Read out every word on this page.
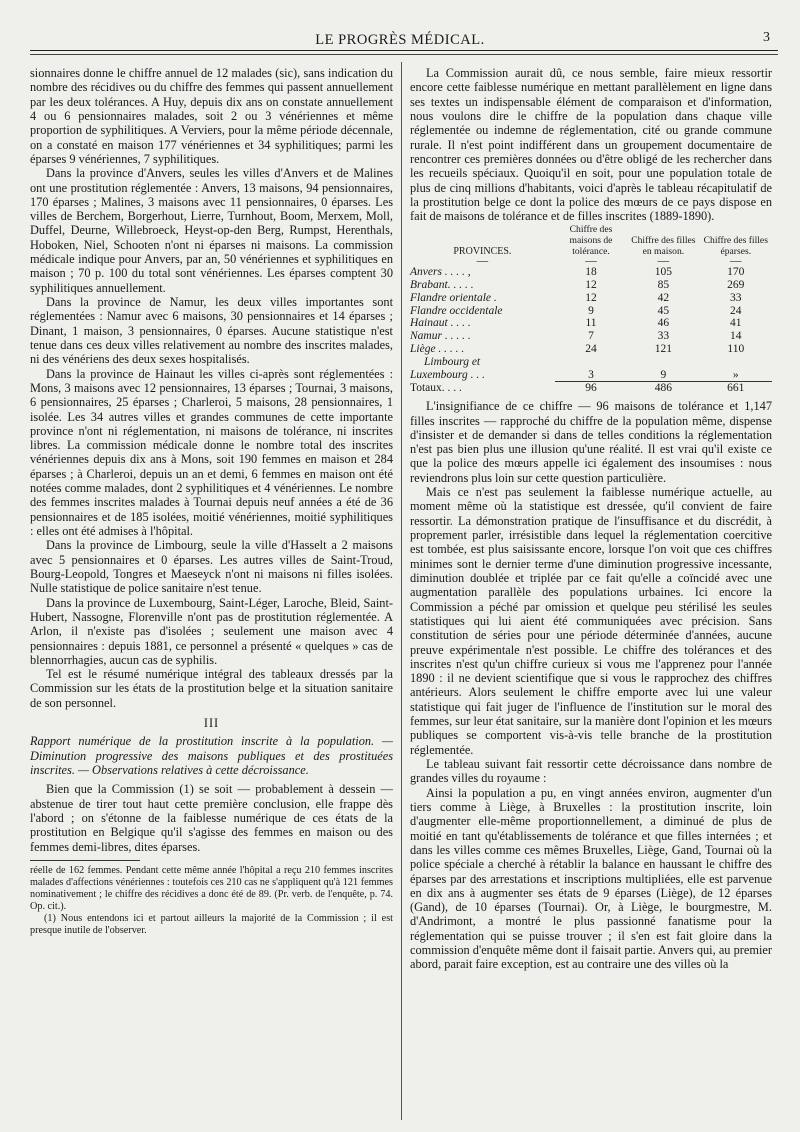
LE PROGRÈS MÉDICAL.	3

sionnaires donne le chiffre annuel de 12 malades (sic), sans indication du nombre des récidives ou du chiffre des femmes qui passent annuellement par les deux tolérances. A Huy, depuis dix ans on constate annuellement 4 ou 6 pensionnaires malades, soit 2 ou 3 vénériennes et même proportion de syphilitiques. A Verviers, pour la même période décennale, on a constaté en maison 177 vénériennes et 34 syphilitiques; parmi les éparses 9 vénériennes, 7 syphilitiques.

Dans la province d'Anvers, seules les villes d'Anvers et de Malines ont une prostitution réglementée : Anvers, 13 maisons, 94 pensionnaires, 170 éparses ; Malines, 3 maisons avec 11 pensionnaires, 0 éparses. Les villes de Berchem, Borgerhout, Lierre, Turnhout, Boom, Merxem, Moll, Duffel, Deurne, Willebroeck, Heyst-op-den Berg, Rumpst, Herenthals, Hoboken, Niel, Schooten n'ont ni éparses ni maisons. La commission médicale indique pour Anvers, par an, 50 vénériennes et syphilitiques en maison ; 70 p. 100 du total sont vénériennes. Les éparses comptent 30 syphilitiques annuellement.

Dans la province de Namur, les deux villes importantes sont réglementées : Namur avec 6 maisons, 30 pensionnaires et 14 éparses ; Dinant, 1 maison, 3 pensionnaires, 0 éparses. Aucune statistique n'est tenue dans ces deux villes relativement au nombre des inscrites malades, ni des vénériens des deux sexes hospitalisés.

Dans la province de Hainaut les villes ci-après sont réglementées : Mons, 3 maisons avec 12 pensionnaires, 13 éparses ; Tournai, 3 maisons, 6 pensionnaires, 25 éparses ; Charleroi, 5 maisons, 28 pensionnaires, 1 isolée. Les 34 autres villes et grandes communes de cette importante province n'ont ni réglementation, ni maisons de tolérance, ni inscrites libres. La commission médicale donne le nombre total des inscrites vénériennes depuis dix ans à Mons, soit 190 femmes en maison et 284 éparses ; à Charleroi, depuis un an et demi, 6 femmes en maison ont été notées comme malades, dont 2 syphilitiques et 4 vénériennes. Le nombre des femmes inscrites malades à Tournai depuis neuf années a été de 36 pensionnaires et de 185 isolées, moitié vénériennes, moitié syphilitiques : elles ont été admises à l'hôpital.

Dans la province de Limbourg, seule la ville d'Hasselt a 2 maisons avec 5 pensionnaires et 0 éparses. Les autres villes de Saint-Troud, Bourg-Leopold, Tongres et Maeseyck n'ont ni maisons ni filles isolées. Nulle statistique de police sanitaire n'est tenue.

Dans la province de Luxembourg, Saint-Léger, Laroche, Bleid, Saint-Hubert, Nassogne, Florenville n'ont pas de prostitution réglementée. A Arlon, il n'existe pas d'isolées ; seulement une maison avec 4 pensionnaires : depuis 1881, ce personnel a présenté « quelques » cas de blennorrhagies, aucun cas de syphilis.

Tel est le résumé numérique intégral des tableaux dressés par la Commission sur les états de la prostitution belge et la situation sanitaire de son personnel.

III

Rapport numérique de la prostitution inscrite à la population. — Diminution progressive des maisons publiques et des prostituées inscrites. — Observations relatives à cette décroissance.

Bien que la Commission (1) se soit — probablement à dessein — abstenue de tirer tout haut cette première conclusion, elle frappe dès l'abord ; on s'étonne de la faiblesse numérique de ces états de la prostitution en Belgique qu'il s'agisse des femmes en maison ou des femmes demi-libres, dites éparses.

réelle de 162 femmes. Pendant cette même année l'hôpital a reçu 210 femmes inscrites malades d'affections vénériennes : toutefois ces 210 cas ne s'appliquent qu'à 121 femmes nominativement ; le chiffre des récidives a donc été de 89. (Pr. verb. de l'enquête, p. 74. Op. cit.).

(1) Nous entendons ici et partout ailleurs la majorité de la Commission ; il est presque inutile de l'observer.

La Commission aurait dû, ce nous semble, faire mieux ressortir encore cette faiblesse numérique en mettant parallèlement en ligne dans ses textes un indispensable élément de comparaison et d'information, nous voulons dire le chiffre de la population dans chaque ville réglementée ou indemne de réglementation, cité ou grande commune rurale. Il n'est point indifférent dans un groupement documentaire de rencontrer ces premières données ou d'être obligé de les rechercher dans les recueils spéciaux. Quoiqu'il en soit, pour une population totale de plus de cinq millions d'habitants, voici d'après le tableau récapitulatif de la prostitution belge ce dont la police des mœurs de ce pays dispose en fait de maisons de tolérance et de filles inscrites (1889-1890).

PROVINCES.	Chiffre des maisons de tolérance.	Chiffre des filles en maison.	Chiffre des filles éparses.
—	—	—	—
Anvers . . . . ,	18	105	170
Brabant. . . . .	12	85	269
Flandre orientale .	12	42	33
Flandre occidentale	9	45	24
Hainaut . . . .	11	46	41
Namur . . . . .	7	33	14
Liège . . . . .	24	121	110
Limbourg et			
Luxembourg . . .	3	9	»
Totaux. . . .	96	486	661

L'insignifiance de ce chiffre — 96 maisons de tolérance et 1,147 filles inscrites — rapproché du chiffre de la population même, dispense d'insister et de demander si dans de telles conditions la réglementation n'est pas bien plus une illusion qu'une réalité. Il est vrai qu'il existe ce que la police des mœurs appelle ici également des insoumises : nous reviendrons plus loin sur cette question particulière.

Mais ce n'est pas seulement la faiblesse numérique actuelle, au moment même où la statistique est dressée, qu'il convient de faire ressortir. La démonstration pratique de l'insuffisance et du discrédit, à proprement parler, irrésistible dans lequel la réglementation coercitive est tombée, est plus saisissante encore, lorsque l'on voit que ces chiffres minimes sont le dernier terme d'une diminution progressive incessante, diminution doublée et triplée par ce fait qu'elle a coïncidé avec une augmentation parallèle des populations urbaines. Ici encore la Commission a péché par omission et quelque peu stérilisé les seules statistiques qui lui aient été communiquées avec précision. Sans constitution de séries pour une période déterminée d'années, aucune preuve expérimentale n'est possible. Le chiffre des tolérances et des inscrites n'est qu'un chiffre curieux si vous me l'apprenez pour l'année 1890 : il ne devient scientifique que si vous le rapprochez des chiffres antérieurs. Alors seulement le chiffre emporte avec lui une valeur statistique qui fait juger de l'influence de l'institution sur le moral des femmes, sur leur état sanitaire, sur la manière dont l'opinion et les mœurs publiques se comportent vis-à-vis telle branche de la prostitution réglementée.

Le tableau suivant fait ressortir cette décroissance dans nombre de grandes villes du royaume :

Ainsi la population a pu, en vingt années environ, augmenter d'un tiers comme à Liège, à Bruxelles : la prostitution inscrite, loin d'augmenter elle-même proportionnellement, a diminué de plus de moitié en tant qu'établissements de tolérance et que filles internées ; et dans les villes comme ces mêmes Bruxelles, Liège, Gand, Tournai où la police spéciale a cherché à rétablir la balance en haussant le chiffre des éparses par des arrestations et inscriptions multipliées, elle est parvenue en dix ans à augmenter ses états de 9 éparses (Liège), de 12 éparses (Gand), de 10 éparses (Tournai). Or, à Liège, le bourgmestre, M. d'Andrimont, a montré le plus passionné fanatisme pour la réglementation qui se puisse trouver ; il s'en est fait gloire dans la commission d'enquête même dont il faisait partie. Anvers qui, au premier abord, parait faire exception, est au contraire une des villes où la
